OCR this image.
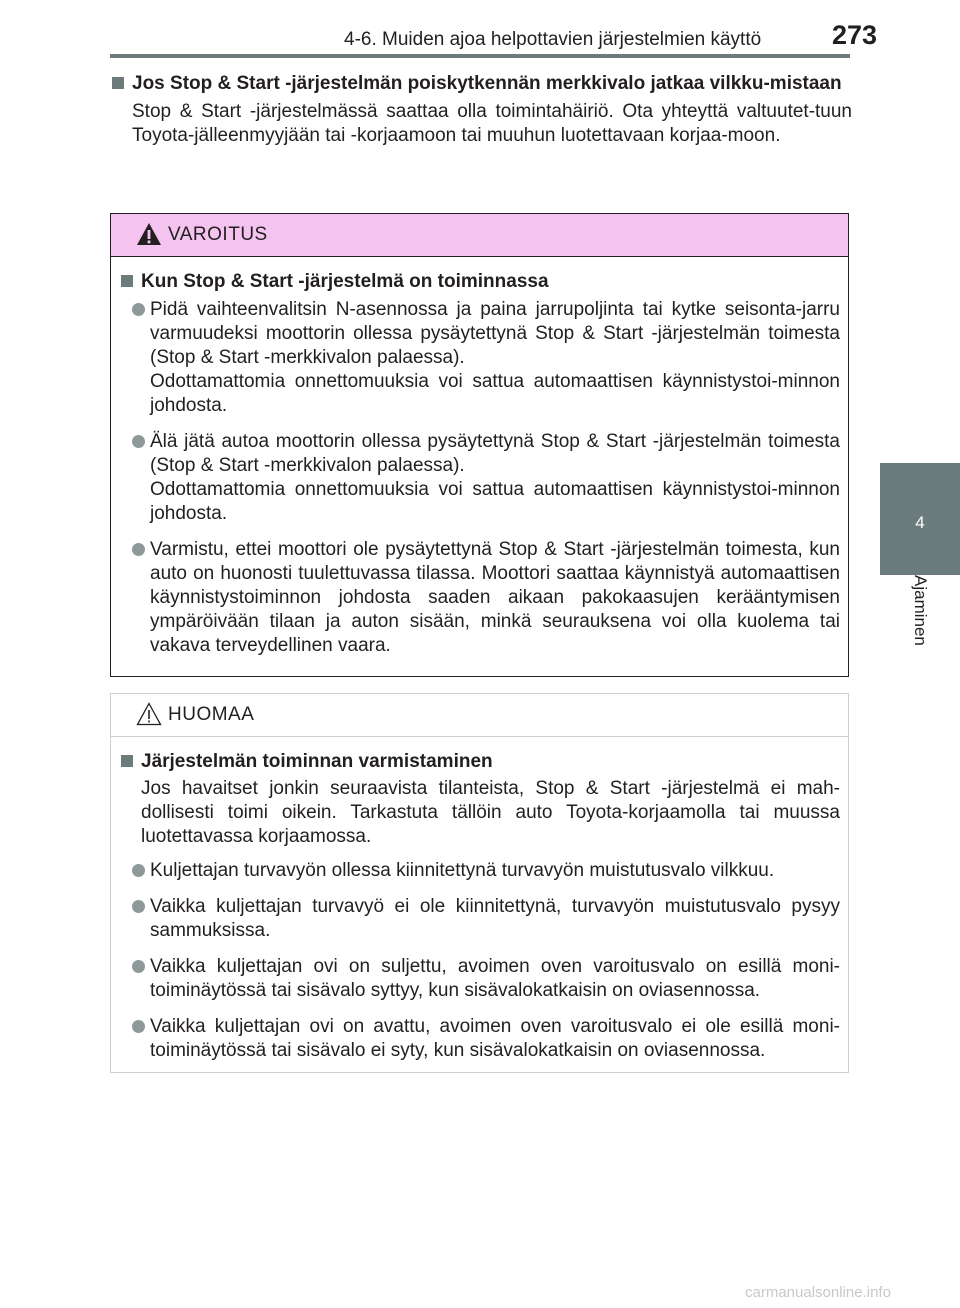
4-6. Muiden ajoa helpottavien järjestelmien käyttö	273
4
Ajaminen
Jos Stop & Start -järjestelmän poiskytkennän merkkivalo jatkaa vilkku-mistaan
Stop & Start -järjestelmässä saattaa olla toimintahäiriö. Ota yhteyttä valtuutet-tuun Toyota-jälleenmyyjään tai -korjaamoon tai muuhun luotettavaan korjaa-moon.
VAROITUS
Kun Stop & Start -järjestelmä on toiminnassa
Pidä vaihteenvalitsin N-asennossa ja paina jarrupoljinta tai kytke seisonta-jarru varmuudeksi moottorin ollessa pysäytettynä Stop & Start -järjestelmän toimesta (Stop & Start -merkkivalon palaessa).
Odottamattomia onnettomuuksia voi sattua automaattisen käynnistystoi-minnon johdosta.
Älä jätä autoa moottorin ollessa pysäytettynä Stop & Start -järjestelmän toimesta (Stop & Start -merkkivalon palaessa).
Odottamattomia onnettomuuksia voi sattua automaattisen käynnistystoi-minnon johdosta.
Varmistu, ettei moottori ole pysäytettynä Stop & Start -järjestelmän toimesta, kun auto on huonosti tuulettuvassa tilassa. Moottori saattaa käynnistyä automaattisen käynnistystoiminnon johdosta saaden aikaan pakokaasujen kerääntymisen ympäröivään tilaan ja auton sisään, minkä seurauksena voi olla kuolema tai vakava terveydellinen vaara.
HUOMAA
Järjestelmän toiminnan varmistaminen
Jos havaitset jonkin seuraavista tilanteista, Stop & Start -järjestelmä ei mah-dollisesti toimi oikein. Tarkastuta tällöin auto Toyota-korjaamolla tai muussa luotettavassa korjaamossa.
Kuljettajan turvavyön ollessa kiinnitettynä turvavyön muistutusvalo vilkkuu.
Vaikka kuljettajan turvavyö ei ole kiinnitettynä, turvavyön muistutusvalo pysyy sammuksissa.
Vaikka kuljettajan ovi on suljettu, avoimen oven varoitusvalo on esillä moni-toiminäytössä tai sisävalo syttyy, kun sisävalokatkaisin on oviasennossa.
Vaikka kuljettajan ovi on avattu, avoimen oven varoitusvalo ei ole esillä moni-toiminäytössä tai sisävalo ei syty, kun sisävalokatkaisin on oviasennossa.
carmanualsonline.info
